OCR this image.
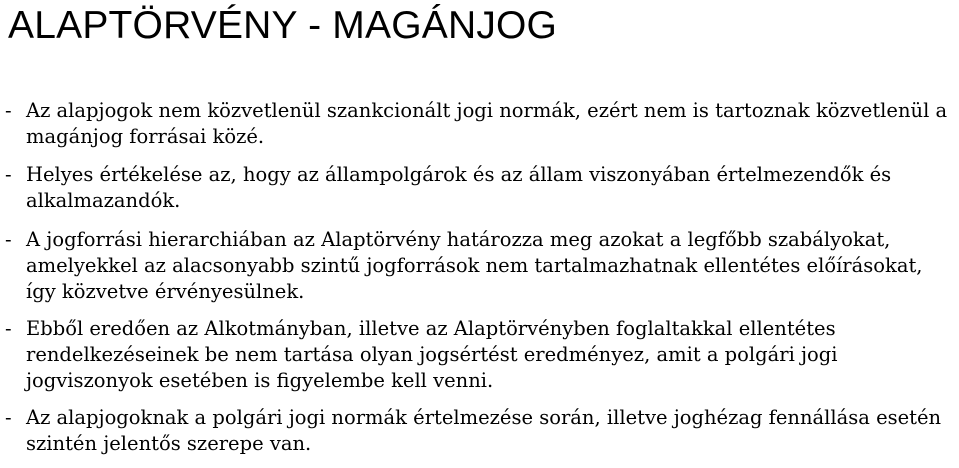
ALAPTÖRVÉNY - MAGÁNJOG
- Az alapjogok nem közvetlenül szankcionált jogi normák, ezért nem is tartoznak közvetlenül a magánjog forrásai közé.
- Helyes értékelése az, hogy az állampolgárok és az állam viszonyában értelmezendők és alkalmazandók.
- A jogforrási hierarchiában az Alaptörvény határozza meg azokat a legfőbb szabályokat, amelyekkel az alacsonyabb szintű jogforrások nem tartalmazhatnak ellentétes előírásokat, így közvetve érvényesülnek.
- Ebből eredően az Alkotmányban, illetve az Alaptörvényben foglaltakkal ellentétes rendelkezéseinek be nem tartása olyan jogsértést eredményez, amit a polgári jogi jogviszonyok esetében is figyelembe kell venni.
- Az alapjogoknak a polgári jogi normák értelmezése során, illetve joghézag fennállása esetén szintén jelentős szerepe van.
